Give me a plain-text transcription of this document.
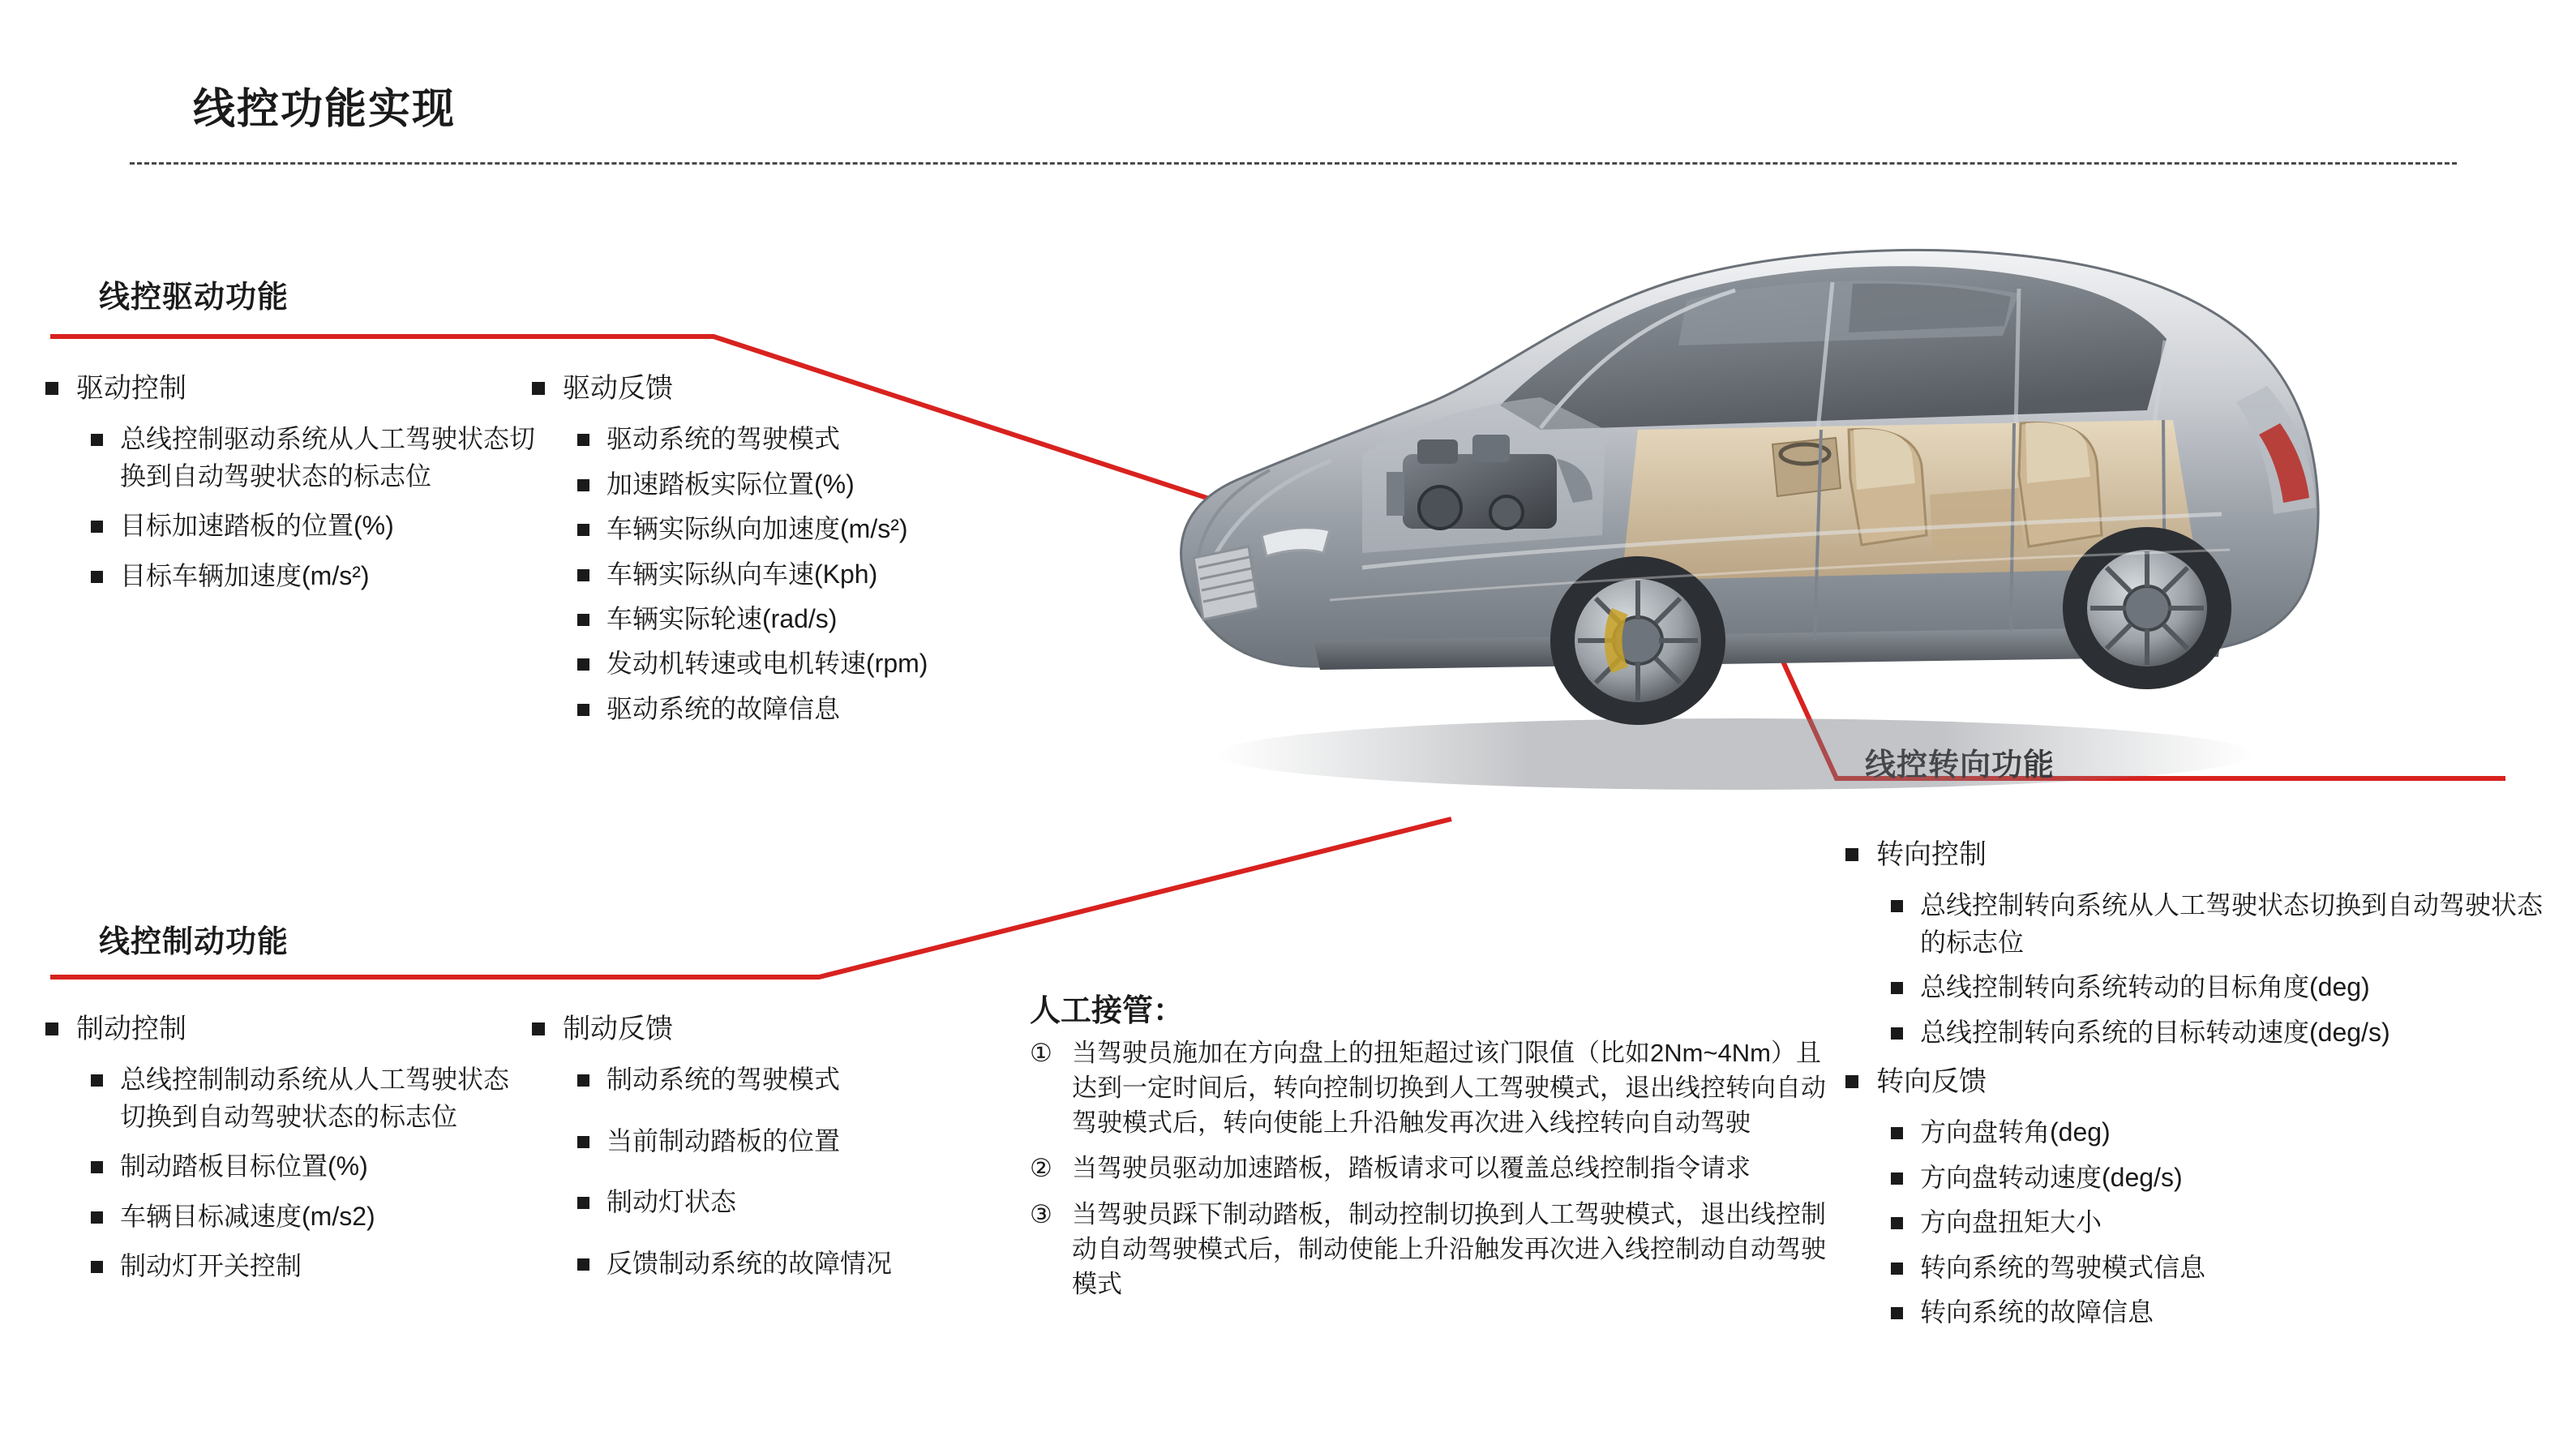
线控功能实现
线控驱动功能
线控制动功能
驱动控制
总线控制驱动系统从人工驾驶状态切换到自动驾驶状态的标志位
目标加速踏板的位置(%)
目标车辆加速度(m/s²)
驱动反馈
驱动系统的驾驶模式
加速踏板实际位置(%)
车辆实际纵向加速度(m/s²)
车辆实际纵向车速(Kph)
车辆实际轮速(rad/s)
发动机转速或电机转速(rpm)
驱动系统的故障信息
制动控制
总线控制制动系统从人工驾驶状态切换到自动驾驶状态的标志位
制动踏板目标位置(%)
车辆目标减速度(m/s2)
制动灯开关控制
制动反馈
制动系统的驾驶模式
当前制动踏板的位置
制动灯状态
反馈制动系统的故障情况
转向控制
总线控制转向系统从人工驾驶状态切换到自动驾驶状态的标志位
总线控制转向系统转动的目标角度(deg)
总线控制转向系统的目标转动速度(deg/s)
转向反馈
方向盘转角(deg)
方向盘转动速度(deg/s)
方向盘扭矩大小
转向系统的驾驶模式信息
转向系统的故障信息
人工接管：
① 当驾驶员施加在方向盘上的扭矩超过该门限值（比如2Nm~4Nm）且达到一定时间后，转向控制切换到人工驾驶模式，退出线控转向自动驾驶模式后，转向使能上升沿触发再次进入线控转向自动驾驶
② 当驾驶员驱动加速踏板，踏板请求可以覆盖总线控制指令请求
③ 当驾驶员踩下制动踏板，制动控制切换到人工驾驶模式，退出线控制动自动驾驶模式后，制动使能上升沿触发再次进入线控制动自动驾驶模式
